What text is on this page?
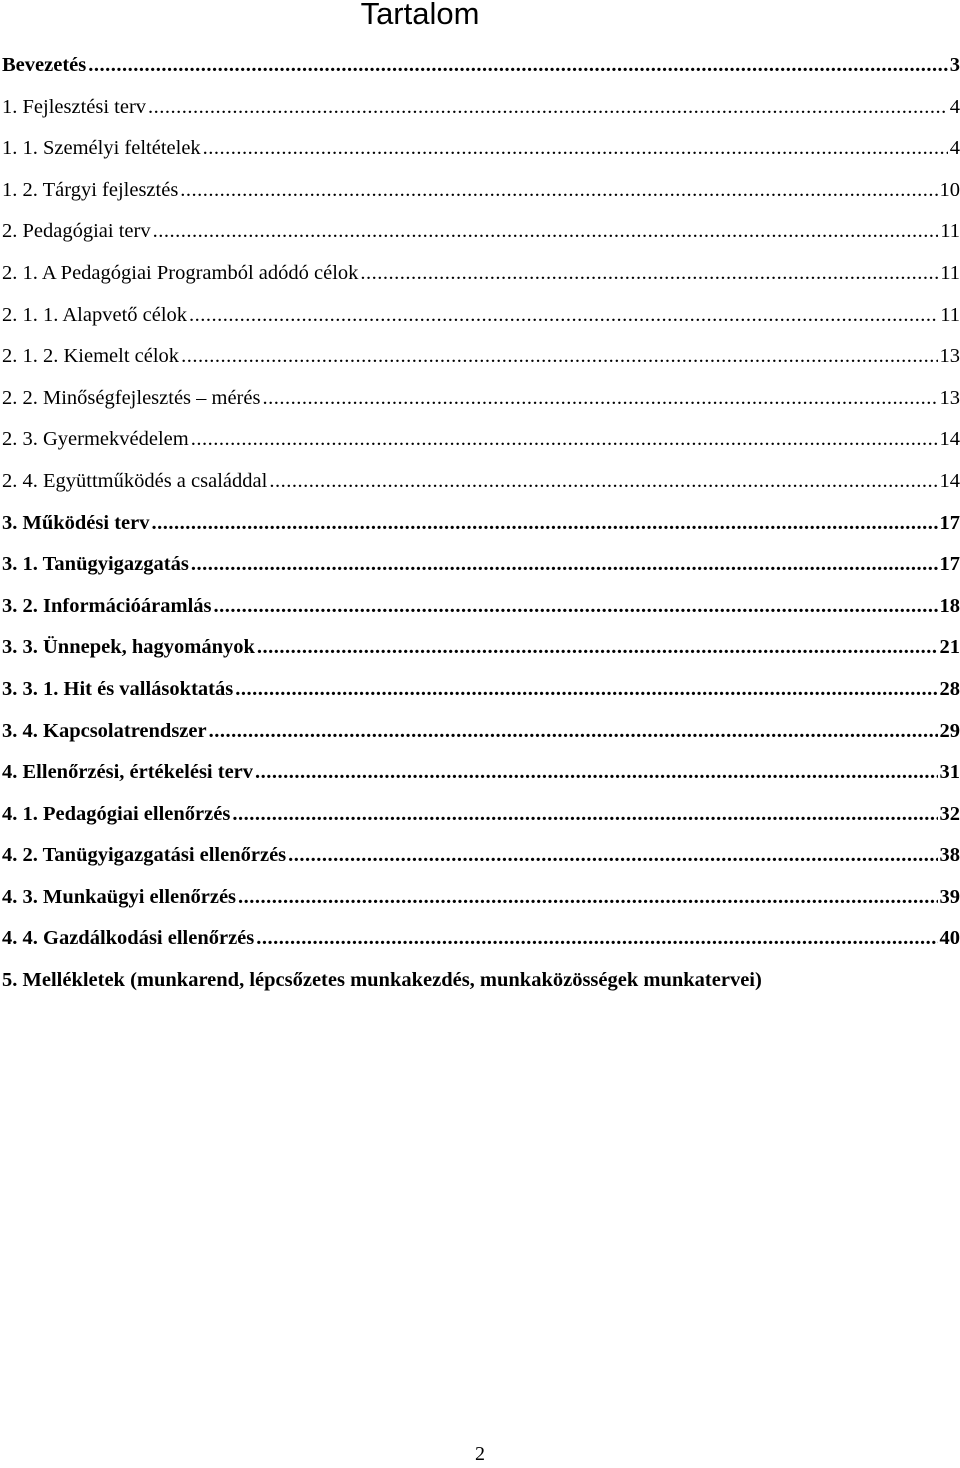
Tartalom
Bevezetés .....	3
1. Fejlesztési terv .....	4
1. 1. Személyi feltételek .....	4
1. 2. Tárgyi fejlesztés .....	10
2. Pedagógiai terv .....	11
2. 1. A Pedagógiai Programból adódó célok .....	11
2. 1. 1. Alapvető célok .....	11
2. 1. 2. Kiemelt célok .....	13
2. 2. Minőségfejlesztés – mérés .....	13
2. 3. Gyermekvédelem .....	14
2. 4. Együttműködés a családdal .....	14
3. Működési terv .....	17
3. 1. Tanügyigazgatás .....	17
3. 2. Információáramlás .....	18
3. 3. Ünnepek, hagyományok .....	21
3. 3. 1. Hit és vallásoktatás .....	28
3. 4. Kapcsolatrendszer .....	29
4. Ellenőrzési, értékelési terv .....	31
4. 1. Pedagógiai ellenőrzés .....	32
4. 2. Tanügyigazgatási ellenőrzés .....	38
4. 3. Munkaügyi ellenőrzés .....	39
4. 4. Gazdálkodási ellenőrzés .....	40
5. Mellékletek (munkarend, lépcsőzetes munkakezdés, munkaközösségek munkatervei)
2
